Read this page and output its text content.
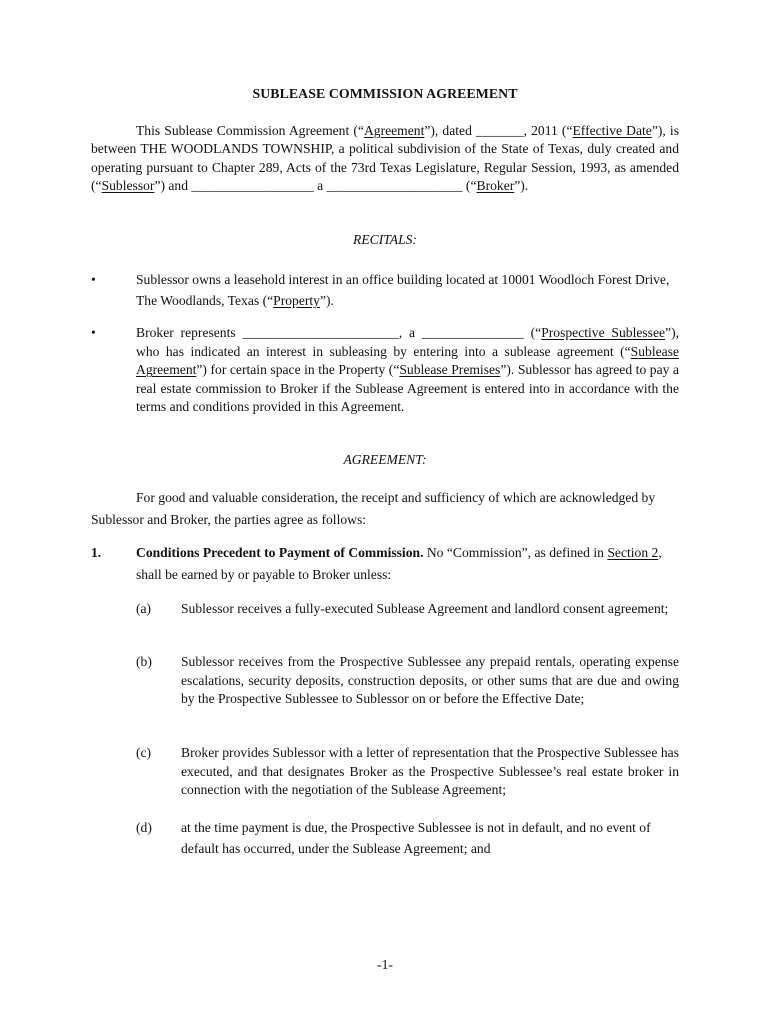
SUBLEASE COMMISSION AGREEMENT
This Sublease Commission Agreement (“Agreement”), dated _______, 2011 (“Effective Date”), is between THE WOODLANDS TOWNSHIP, a political subdivision of the State of Texas, duly created and operating pursuant to Chapter 289, Acts of the 73rd Texas Legislature, Regular Session, 1993, as amended (“Sublessor”) and __________________ a ____________________ (“Broker”).
RECITALS:
•	Sublessor owns a leasehold interest in an office building located at 10001 Woodloch Forest Drive, The Woodlands, Texas (“Property”).
•	Broker represents _______________________, a _______________ (“Prospective Sublessee”), who has indicated an interest in subleasing by entering into a sublease agreement (“Sublease Agreement”) for certain space in the Property (“Sublease Premises”). Sublessor has agreed to pay a real estate commission to Broker if the Sublease Agreement is entered into in accordance with the terms and conditions provided in this Agreement.
AGREEMENT:
For good and valuable consideration, the receipt and sufficiency of which are acknowledged by Sublessor and Broker, the parties agree as follows:
1.	Conditions Precedent to Payment of Commission. No “Commission”, as defined in Section 2, shall be earned by or payable to Broker unless:
(a) Sublessor receives a fully-executed Sublease Agreement and landlord consent agreement;
(b) Sublessor receives from the Prospective Sublessee any prepaid rentals, operating expense escalations, security deposits, construction deposits, or other sums that are due and owing by the Prospective Sublessee to Sublessor on or before the Effective Date;
(c) Broker provides Sublessor with a letter of representation that the Prospective Sublessee has executed, and that designates Broker as the Prospective Sublessee’s real estate broker in connection with the negotiation of the Sublease Agreement;
(d) at the time payment is due, the Prospective Sublessee is not in default, and no event of default has occurred, under the Sublease Agreement; and
-1-
